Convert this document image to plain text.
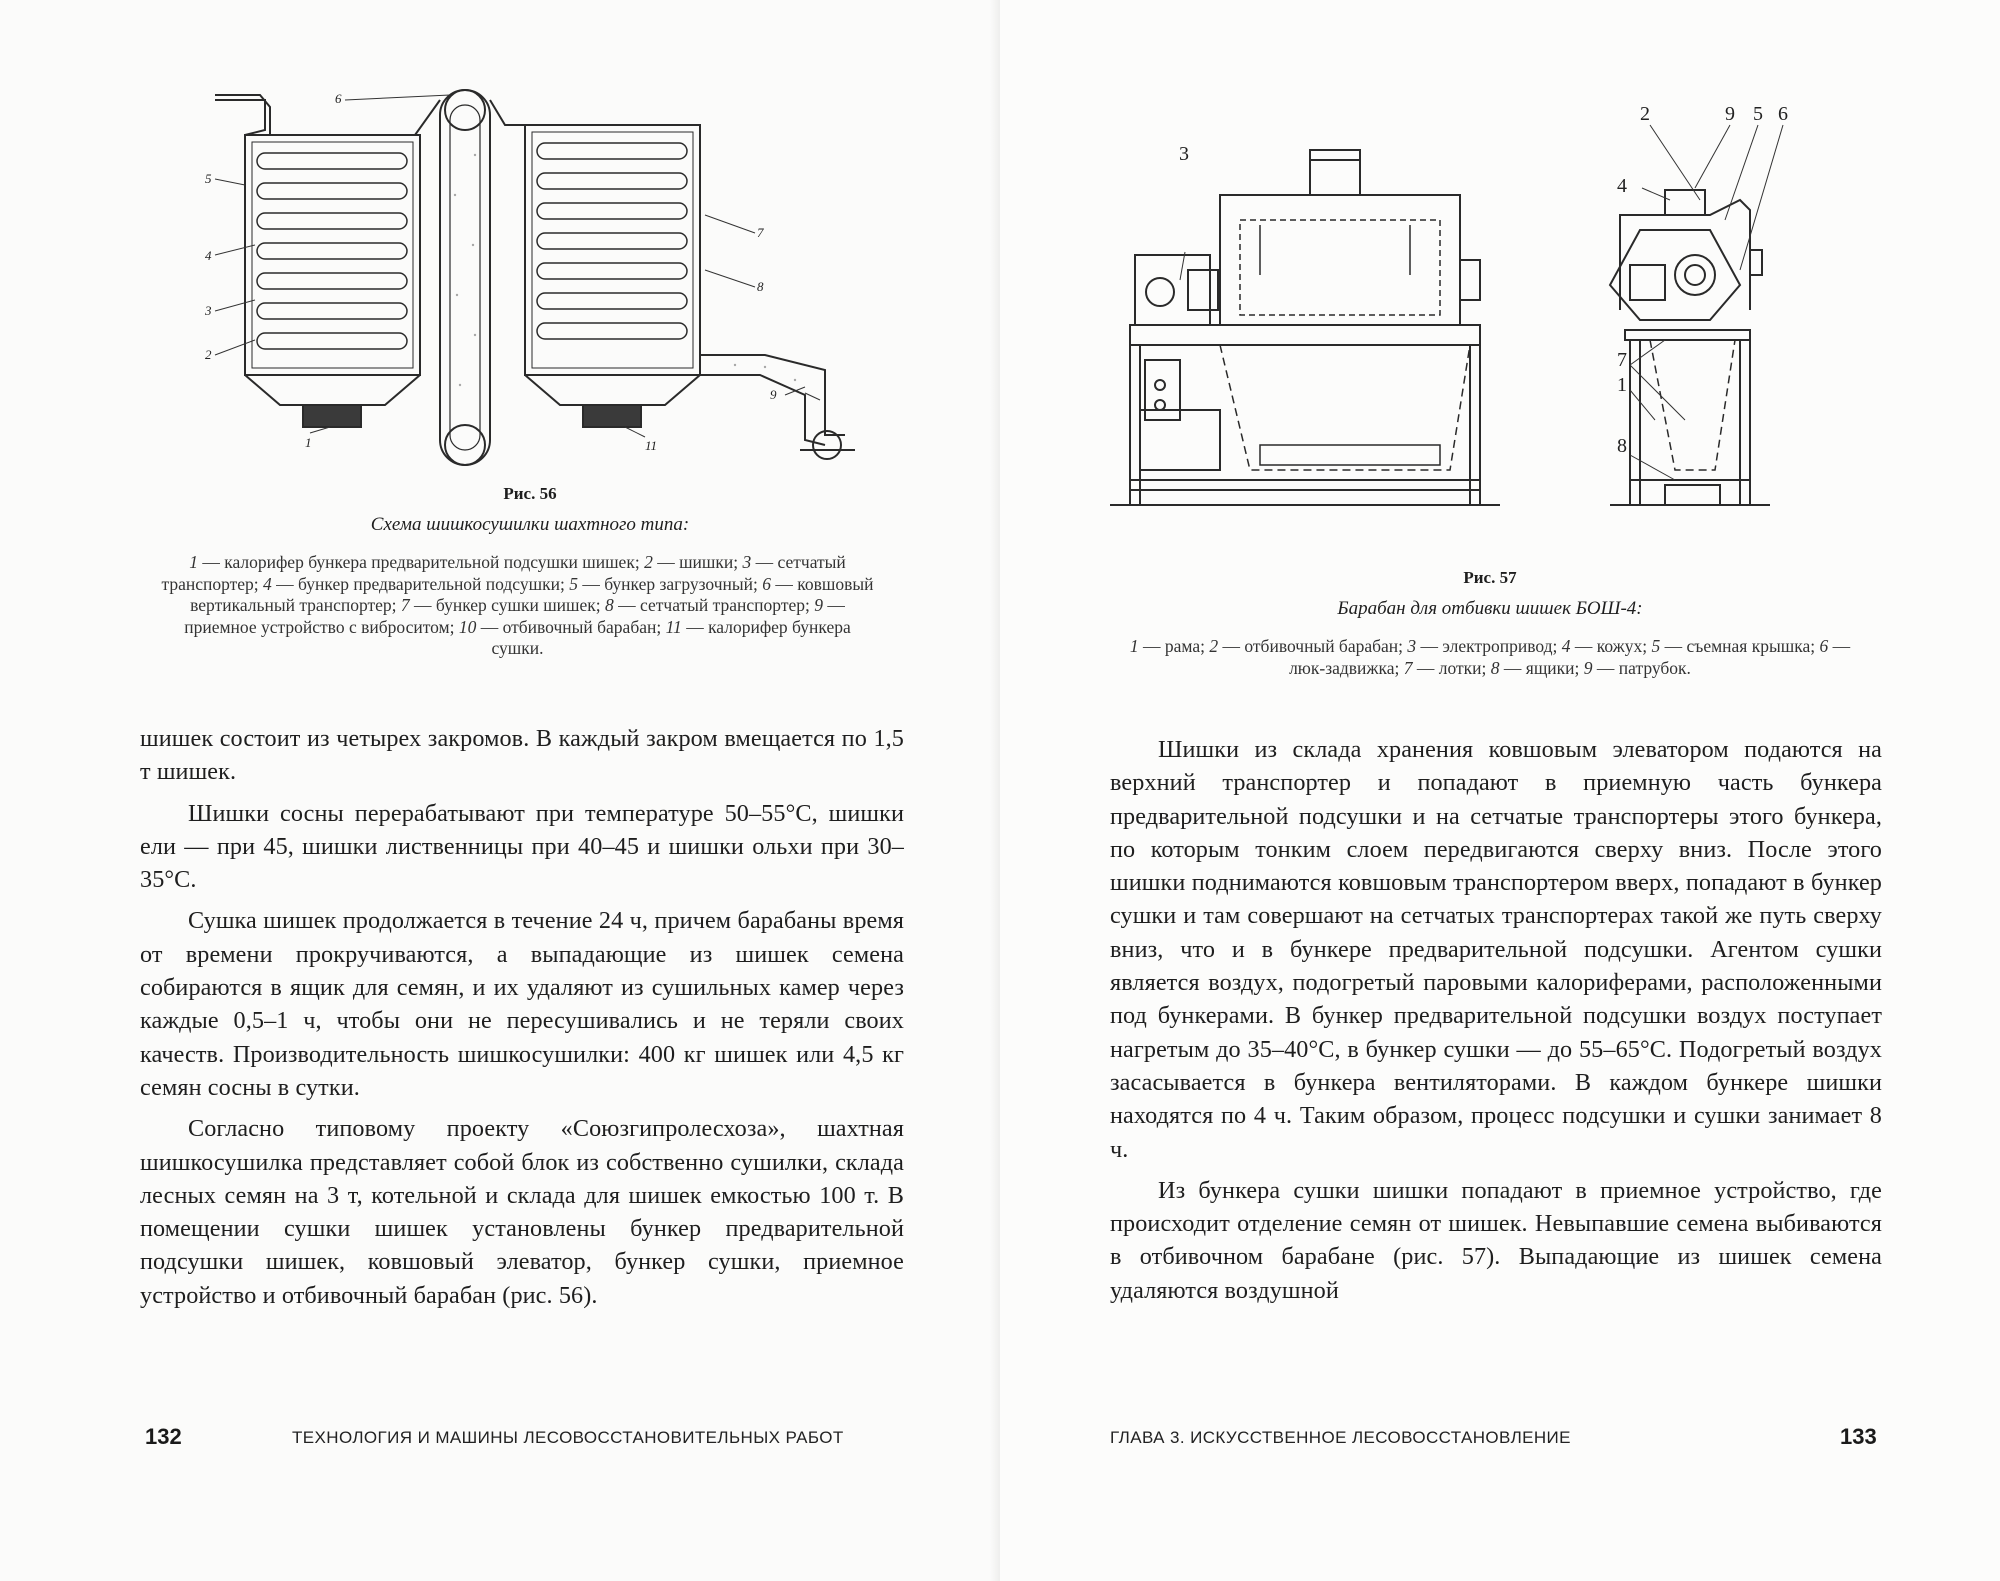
5
4
3
2
1
6
7
8
9
11
Рис. 56
Схема шишкосушилки шахтного типа:
1 — калорифер бункера предварительной подсушки шишек; 2 — шишки; 3 — сетчатый транспортер; 4 — бункер предварительной подсушки; 5 — бункер загрузочный; 6 — ковшовый вертикальный транспортер; 7 — бункер сушки шишек; 8 — сетчатый транспортер; 9 — приемное устройство с виброситом; 10 — отбивочный барабан; 11 — калорифер бункера сушки.

шишек состоит из четырех закромов. В каждый закром вмещается по 1,5 т шишек.

Шишки сосны перерабатывают при температуре 50–55°С, шишки ели — при 45, шишки лиственницы при 40–45 и шишки ольхи при 30–35°С.

Сушка шишек продолжается в течение 24 ч, причем барабаны время от времени прокручиваются, а выпадающие из шишек семена собираются в ящик для семян, и их удаляют из сушильных камер через каждые 0,5–1 ч, чтобы они не пересушивались и не теряли своих качеств. Производительность шишкосушилки: 400 кг шишек или 4,5 кг семян сосны в сутки.

Согласно типовому проекту «Союзгипролесхоза», шахтная шишкосушилка представляет собой блок из собственно сушилки, склада лесных семян на 3 т, котельной и склада для шишек емкостью 100 т. В помещении сушки шишек установлены бункер предварительной подсушки шишек, ковшовый элеватор, бункер сушки, приемное устройство и отбивочный барабан (рис. 56).

132	ТЕХНОЛОГИЯ И МАШИНЫ ЛЕСОВОССТАНОВИТЕЛЬНЫХ РАБОТ
3
2	9 5 6
4
7
1
8
Рис. 57
Барабан для отбивки шишек БОШ-4:
1 — рама; 2 — отбивочный барабан; 3 — электропривод; 4 — кожух; 5 — съемная крышка; 6 — люк-задвижка; 7 — лотки; 8 — ящики; 9 — патрубок.

Шишки из склада хранения ковшовым элеватором подаются на верхний транспортер и попадают в приемную часть бункера предварительной подсушки и на сетчатые транспортеры этого бункера, по которым тонким слоем передвигаются сверху вниз. После этого шишки поднимаются ковшовым транспортером вверх, попадают в бункер сушки и там совершают на сетчатых транспортерах такой же путь сверху вниз, что и в бункере предварительной подсушки. Агентом сушки является воздух, подогретый паровыми калориферами, расположенными под бункерами. В бункер предварительной подсушки воздух поступает нагретым до 35–40°С, в бункер сушки — до 55–65°С. Подогретый воздух засасывается в бункера вентиляторами. В каждом бункере шишки находятся по 4 ч. Таким образом, процесс подсушки и сушки занимает 8 ч.

Из бункера сушки шишки попадают в приемное устройство, где происходит отделение семян от шишек. Невыпавшие семена выбиваются в отбивочном барабане (рис. 57). Выпадающие из шишек семена удаляются воздушной

ГЛАВА 3. ИСКУССТВЕННОЕ ЛЕСОВОССТАНОВЛЕНИЕ	133
